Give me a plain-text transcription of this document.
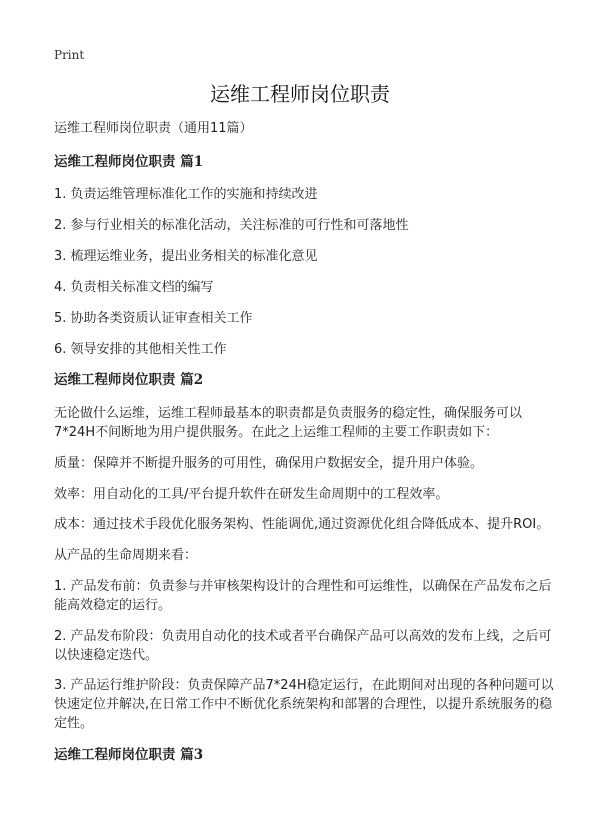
Print
运维工程师岗位职责

运维工程师岗位职责（通用11篇）

运维工程师岗位职责 篇1

1. 负责运维管理标准化工作的实施和持续改进

2. 参与行业相关的标准化活动，关注标准的可行性和可落地性

3. 梳理运维业务，提出业务相关的标准化意见

4. 负责相关标准文档的编写

5. 协助各类资质认证审查相关工作

6. 领导安排的其他相关性工作

运维工程师岗位职责 篇2

无论做什么运维，运维工程师最基本的职责都是负责服务的稳定性，确保服务可以7*24H不间断地为用户提供服务。在此之上运维工程师的主要工作职责如下：

质量：保障并不断提升服务的可用性，确保用户数据安全，提升用户体验。

效率：用自动化的工具/平台提升软件在研发生命周期中的工程效率。

成本：通过技术手段优化服务架构、性能调优,通过资源优化组合降低成本、提升ROI。

从产品的生命周期来看：

1. 产品发布前：负责参与并审核架构设计的合理性和可运维性，以确保在产品发布之后能高效稳定的运行。

2. 产品发布阶段：负责用自动化的技术或者平台确保产品可以高效的发布上线，之后可以快速稳定迭代。

3. 产品运行维护阶段：负责保障产品7*24H稳定运行，在此期间对出现的各种问题可以快速定位并解决,在日常工作中不断优化系统架构和部署的合理性，以提升系统服务的稳定性。

运维工程师岗位职责 篇3
